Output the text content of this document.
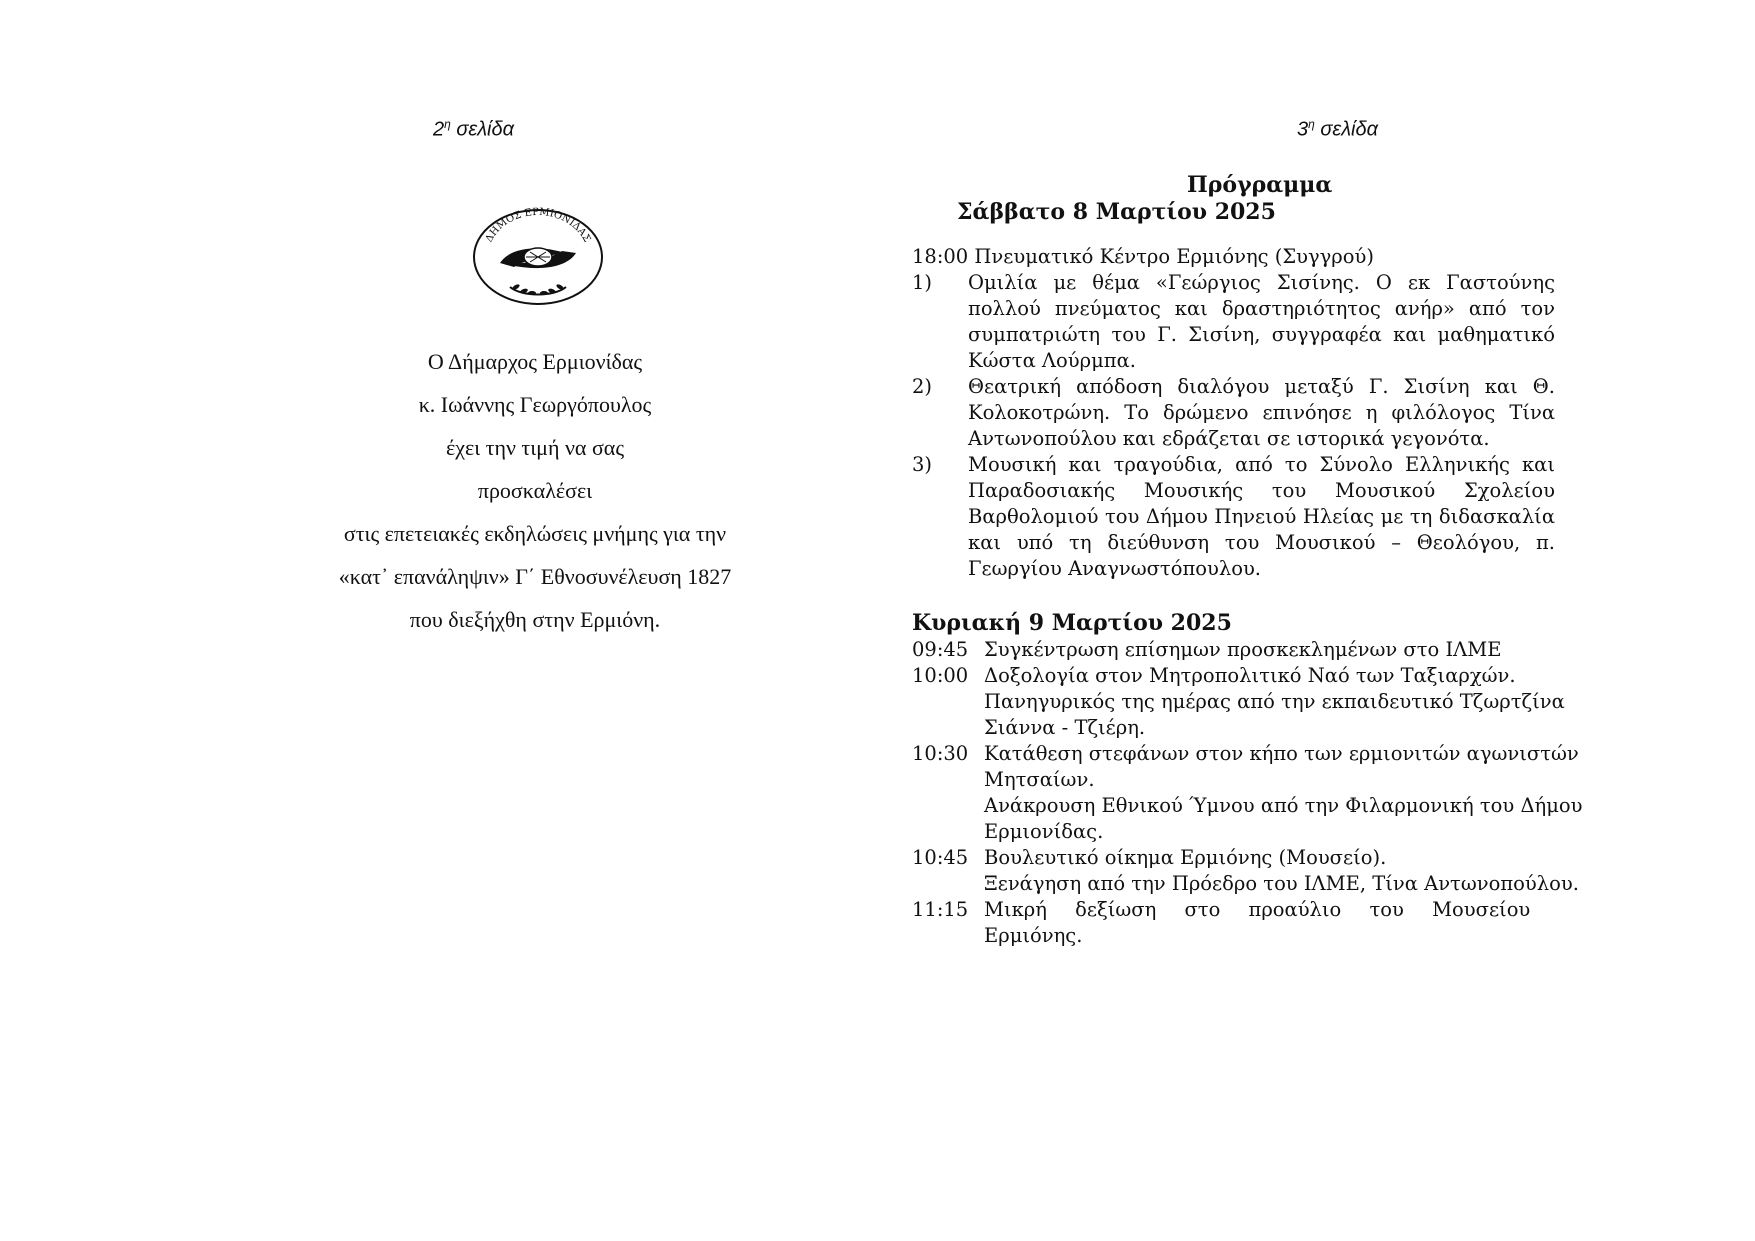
$2^\eta$ σελίδα
ΔΗΜΟΣ ΕΡΜΙΟΝΙΔΑΣ
Ο Δήμαρχος Ερμιονίδας
κ. Ιωάννης Γεωργόπουλος
έχει την τιμή να σας
προσκαλέσει
στις επετειακές εκδηλώσεις μνήμης για την
«κατ᾽ επανάληψιν» Γ΄ Εθνοσυνέλευση 1827
που διεξήχθη στην Ερμιόνη.
$3^\eta$ σελίδα
Πρόγραμμα
Σάββατο 8 Μαρτίου 2025
18:00 Πνευματικό Κέντρο Ερμιόνης (Συγγρού)
1) Ομιλία με θέμα «Γεώργιος Σισίνης. Ο εκ Γαστούνης πολλού πνεύματος και δραστηριότητος ανήρ» από τον συμπατριώτη του Γ. Σισίνη, συγγραφέα και μαθηματικό Κώστα Λούρμπα.
2) Θεατρική απόδοση διαλόγου μεταξύ Γ. Σισίνη και Θ. Κολοκοτρώνη. Το δρώμενο επινόησε η φιλόλογος Τίνα Αντωνοπούλου και εδράζεται σε ιστορικά γεγονότα.
3) Μουσική και τραγούδια, από το Σύνολο Ελληνικής και Παραδοσιακής Μουσικής του Μουσικού Σχολείου Βαρθολομιού του Δήμου Πηνειού Ηλείας με τη διδασκαλία και υπό τη διεύθυνση του Μουσικού – Θεολόγου, π. Γεωργίου Αναγνωστόπουλου.
Κυριακή 9 Μαρτίου 2025
09:45 Συγκέντρωση επίσημων προσκεκλημένων στο ΙΛΜΕ
10:00 Δοξολογία στον Μητροπολιτικό Ναό των Ταξιαρχών.
Πανηγυρικός της ημέρας από την εκπαιδευτικό Τζωρτζίνα
Σιάννα - Τζιέρη.
10:30 Κατάθεση στεφάνων στον κήπο των ερμιονιτών αγωνιστών
Μητσαίων.
Ανάκρουση Εθνικού Ύμνου από την Φιλαρμονική του Δήμου
Ερμιονίδας.
10:45 Βουλευτικό οίκημα Ερμιόνης (Μουσείο).
Ξενάγηση από την Πρόεδρο του ΙΛΜΕ, Τίνα Αντωνοπούλου.
11:15 Μικρή δεξίωση στο προαύλιο του Μουσείου
Ερμιόνης.
